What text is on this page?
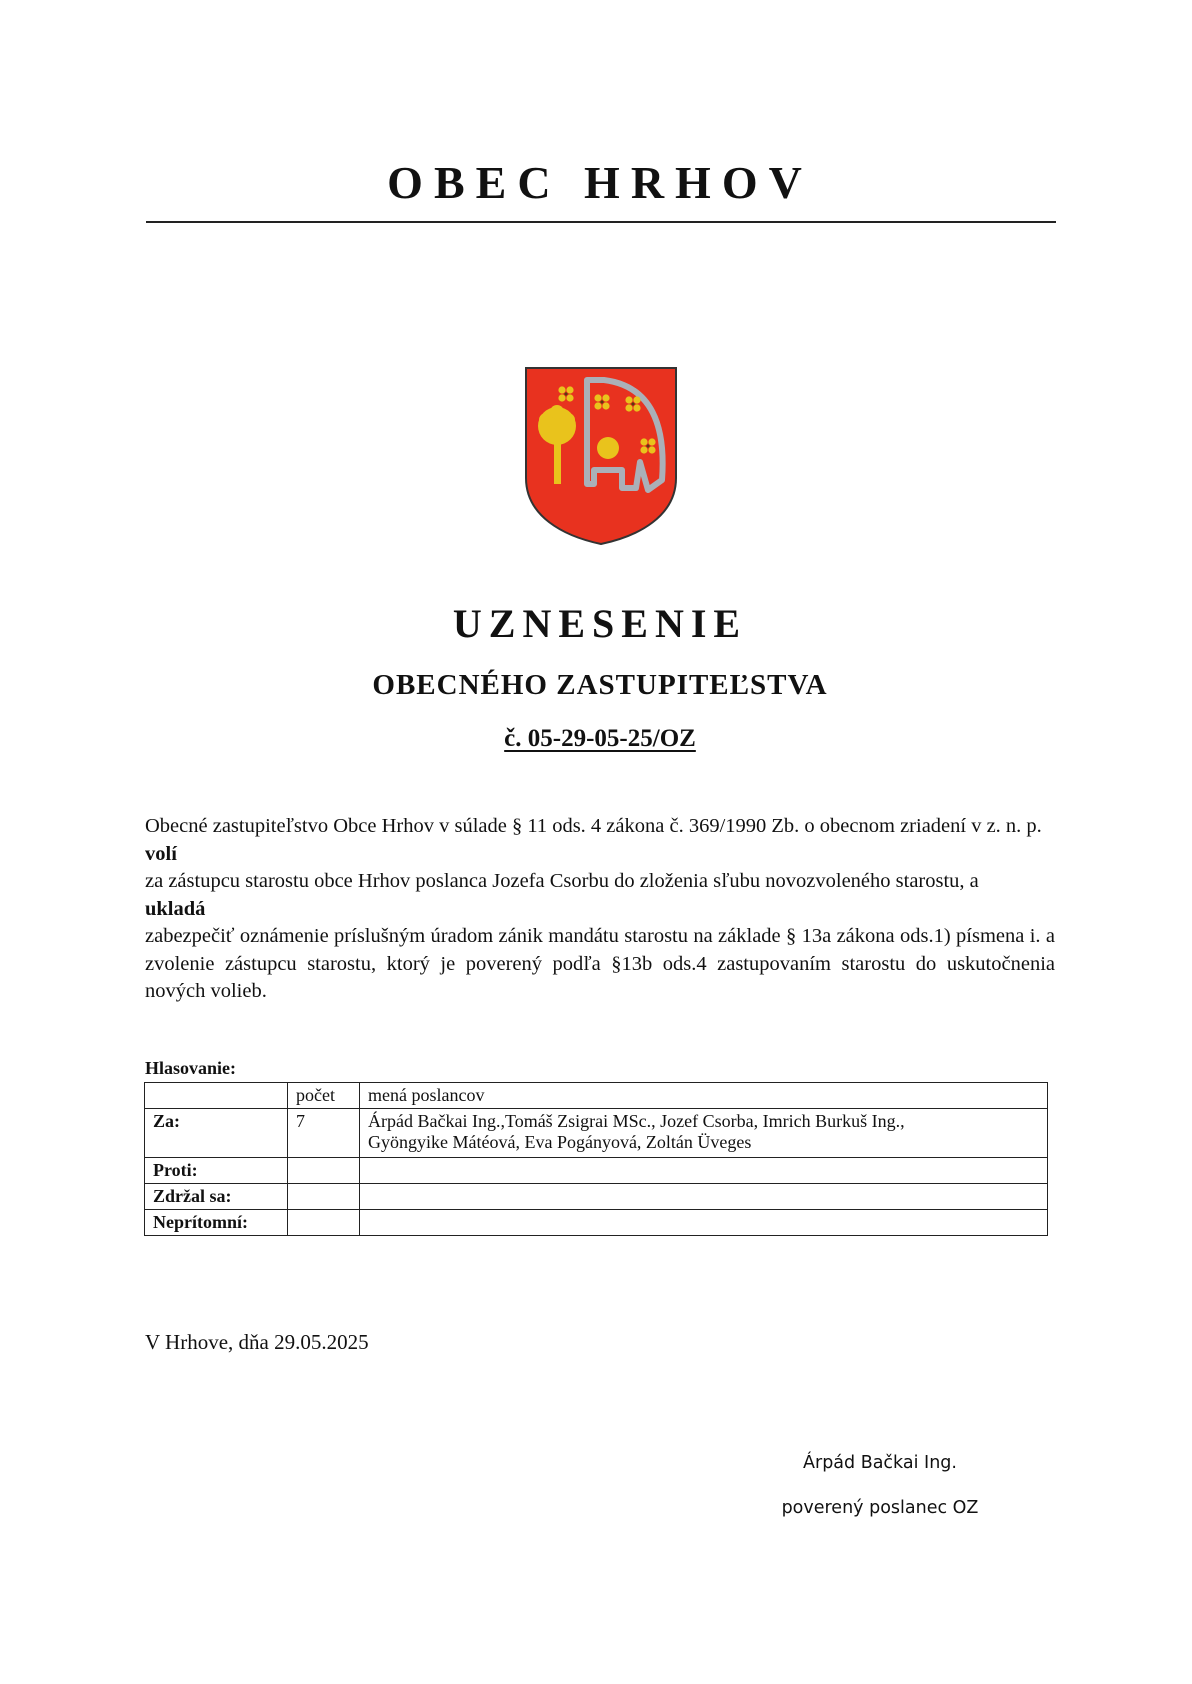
OBEC HRHOV
UZNESENIE
OBECNÉHO ZASTUPITEĽSTVA
č. 05-29-05-25/OZ

Obecné zastupiteľstvo Obce Hrhov v súlade § 11 ods. 4 zákona č. 369/1990 Zb. o obecnom zriadení v z. n. p.

volí

za zástupcu starostu obce Hrhov poslanca Jozefa Csorbu do zloženia sľubu novozvoleného starostu, a

ukladá

zabezpečiť oznámenie príslušným úradom zánik mandátu starostu na základe § 13a zákona ods.1) písmena i. a zvolenie zástupcu starostu, ktorý je poverený podľa §13b ods.4 zastupovaním starostu do uskutočnenia nových volieb.

Hlasovanie:
	počet	mená poslancov
Za:	7	Árpád Bačkai Ing.,Tomáš Zsigrai MSc., Jozef Csorba, Imrich Burkuš Ing.,
Gyöngyike Mátéová, Eva Pogányová, Zoltán Üveges

Proti:		
Zdržal sa:		
Neprítomní:		
V Hrhove, dňa 29.05.2025
Árpád Bačkai Ing.
poverený poslanec OZ
